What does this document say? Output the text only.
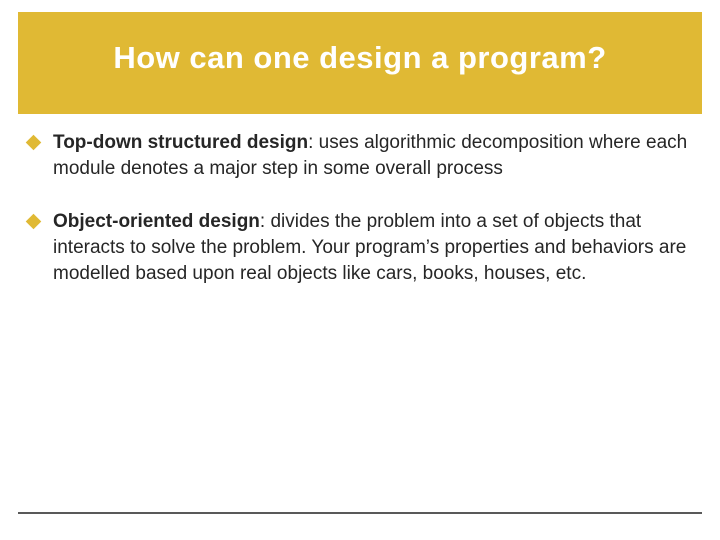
How can one design a program?
Top-down structured design: uses algorithmic decomposition where each module denotes a major step in some overall process
Object-oriented design: divides the problem into a set of objects that interacts to solve the problem. Your program’s properties and behaviors are modelled based upon real objects like cars, books, houses, etc.
